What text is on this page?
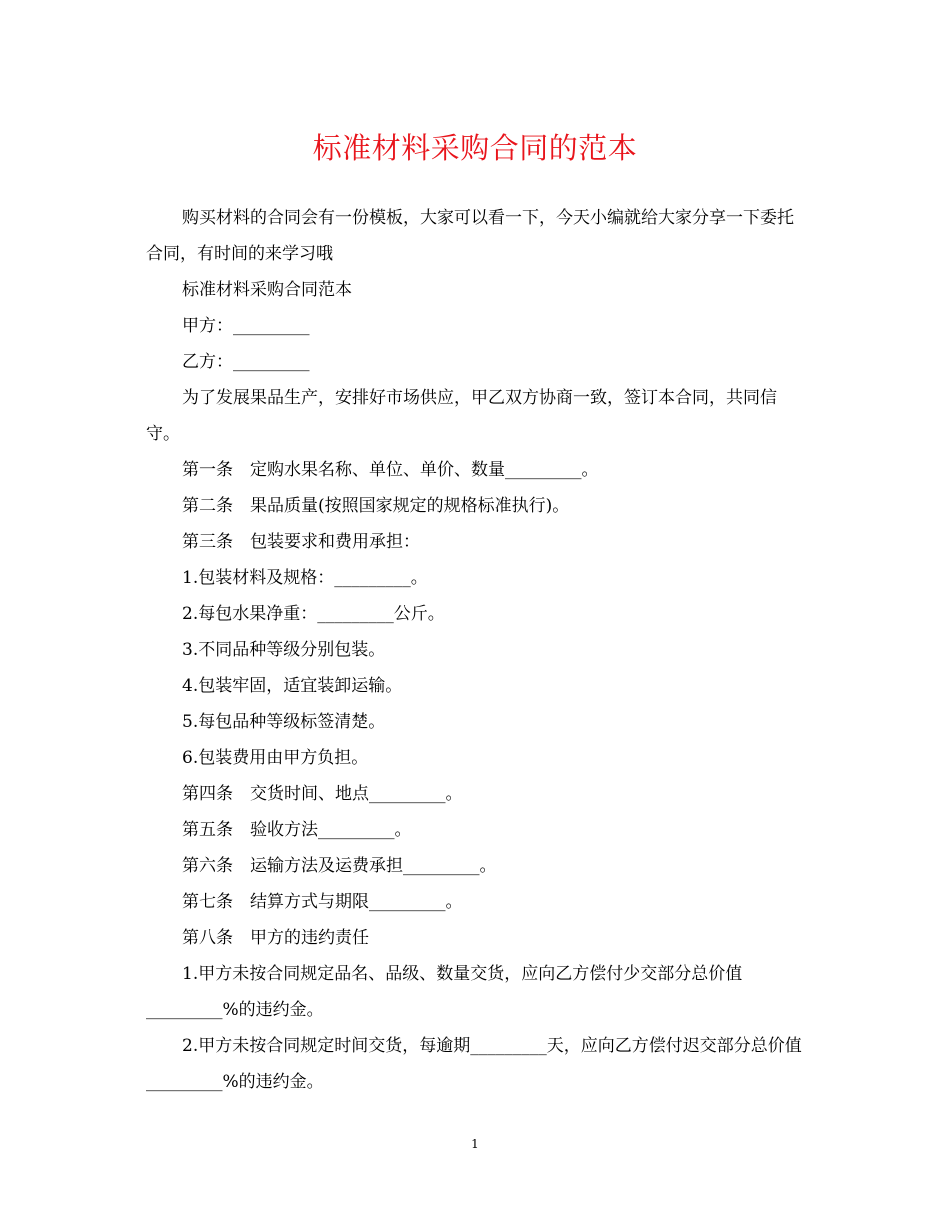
标准材料采购合同的范本

购买材料的合同会有一份模板，大家可以看一下，今天小编就给大家分享一下委托合同，有时间的来学习哦

标准材料采购合同范本

甲方：_________

乙方：_________

为了发展果品生产，安排好市场供应，甲乙双方协商一致，签订本合同，共同信守。

第一条　定购水果名称、单位、单价、数量_________。

第二条　果品质量(按照国家规定的规格标准执行)。

第三条　包装要求和费用承担：

1.包装材料及规格：_________。

2.每包水果净重：_________公斤。

3.不同品种等级分别包装。

4.包装牢固，适宜装卸运输。

5.每包品种等级标签清楚。

6.包装费用由甲方负担。

第四条　交货时间、地点_________。

第五条　验收方法_________。

第六条　运输方法及运费承担_________。

第七条　结算方式与期限_________。

第八条　甲方的违约责任

1.甲方未按合同规定品名、品级、数量交货，应向乙方偿付少交部分总价值_________%的违约金。

2.甲方未按合同规定时间交货，每逾期_________天，应向乙方偿付迟交部分总价值_________%的违约金。

1
